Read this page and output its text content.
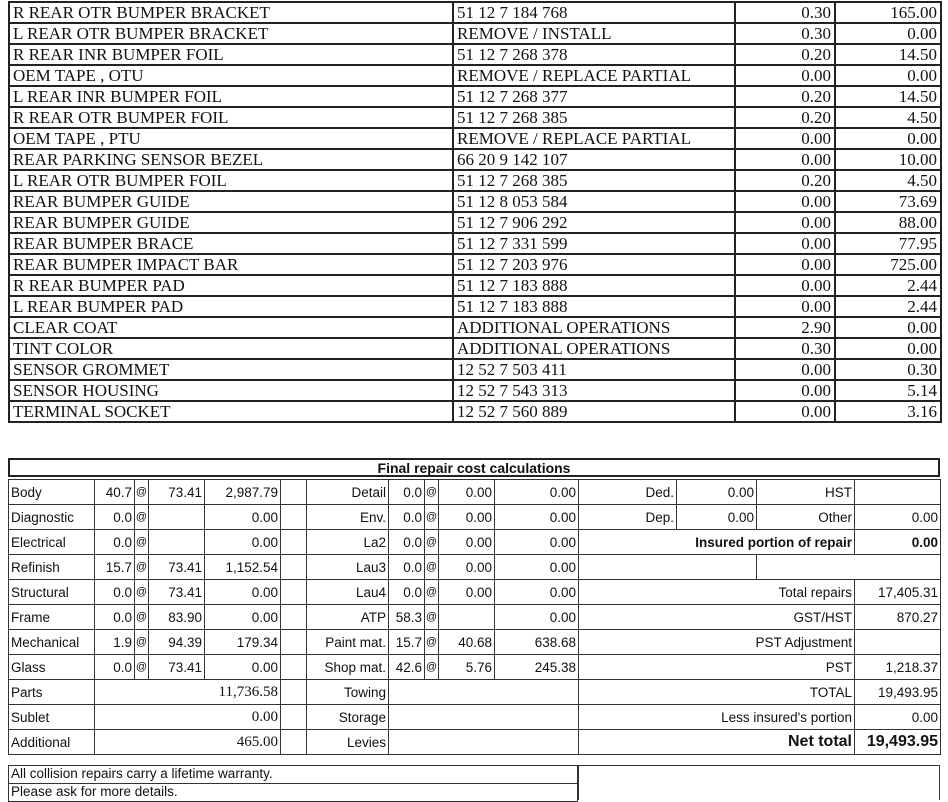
R REAR OTR BUMPER BRACKET	51 12 7 184 768	0.30	165.00
L REAR OTR BUMPER BRACKET	REMOVE / INSTALL	0.30	0.00
R REAR INR BUMPER FOIL	51 12 7 268 378	0.20	14.50
OEM TAPE , OTU	REMOVE / REPLACE PARTIAL	0.00	0.00
L REAR INR BUMPER FOIL	51 12 7 268 377	0.20	14.50
R REAR OTR BUMPER FOIL	51 12 7 268 385	0.20	4.50
OEM TAPE , PTU	REMOVE / REPLACE PARTIAL	0.00	0.00
REAR PARKING SENSOR BEZEL	66 20 9 142 107	0.00	10.00
L REAR OTR BUMPER FOIL	51 12 7 268 385	0.20	4.50
REAR BUMPER GUIDE	51 12 8 053 584	0.00	73.69
REAR BUMPER GUIDE	51 12 7 906 292	0.00	88.00
REAR BUMPER BRACE	51 12 7 331 599	0.00	77.95
REAR BUMPER IMPACT BAR	51 12 7 203 976	0.00	725.00
R REAR BUMPER PAD	51 12 7 183 888	0.00	2.44
L REAR BUMPER PAD	51 12 7 183 888	0.00	2.44
CLEAR COAT	ADDITIONAL OPERATIONS	2.90	0.00
TINT COLOR	ADDITIONAL OPERATIONS	0.30	0.00
SENSOR GROMMET	12 52 7 503 411	0.00	0.30
SENSOR HOUSING	12 52 7 543 313	0.00	5.14
TERMINAL SOCKET	12 52 7 560 889	0.00	3.16
Final repair cost calculations
Body	40.7	@	73.41	2,987.79		Detail	0.0	@	0.00	0.00	Ded.	0.00	HST	
Diagnostic	0.0	@		0.00		Env.	0.0	@	0.00	0.00	Dep.	0.00	Other	0.00
Electrical	0.0	@		0.00		La2	0.0	@	0.00	0.00	Insured portion of repair			0.00
Refinish	15.7	@	73.41	1,152.54		Lau3	0.0	@	0.00	0.00				
Structural	0.0	@	73.41	0.00		Lau4	0.0	@	0.00	0.00	Total repairs			17,405.31
Frame	0.0	@	83.90	0.00		ATP	58.3	@		0.00	GST/HST			870.27
Mechanical	1.9	@	94.39	179.34		Paint mat.	15.7	@	40.68	638.68	PST Adjustment			
Glass	0.0	@	73.41	0.00		Shop mat.	42.6	@	5.76	245.38	PST			1,218.37
Parts	11,736.58					Towing					TOTAL			19,493.95
Sublet	0.00					Storage					Less insured's portion			0.00
Additional	465.00					Levies					Net total			19,493.95
All collision repairs carry a lifetime warranty.
Please ask for more details.
